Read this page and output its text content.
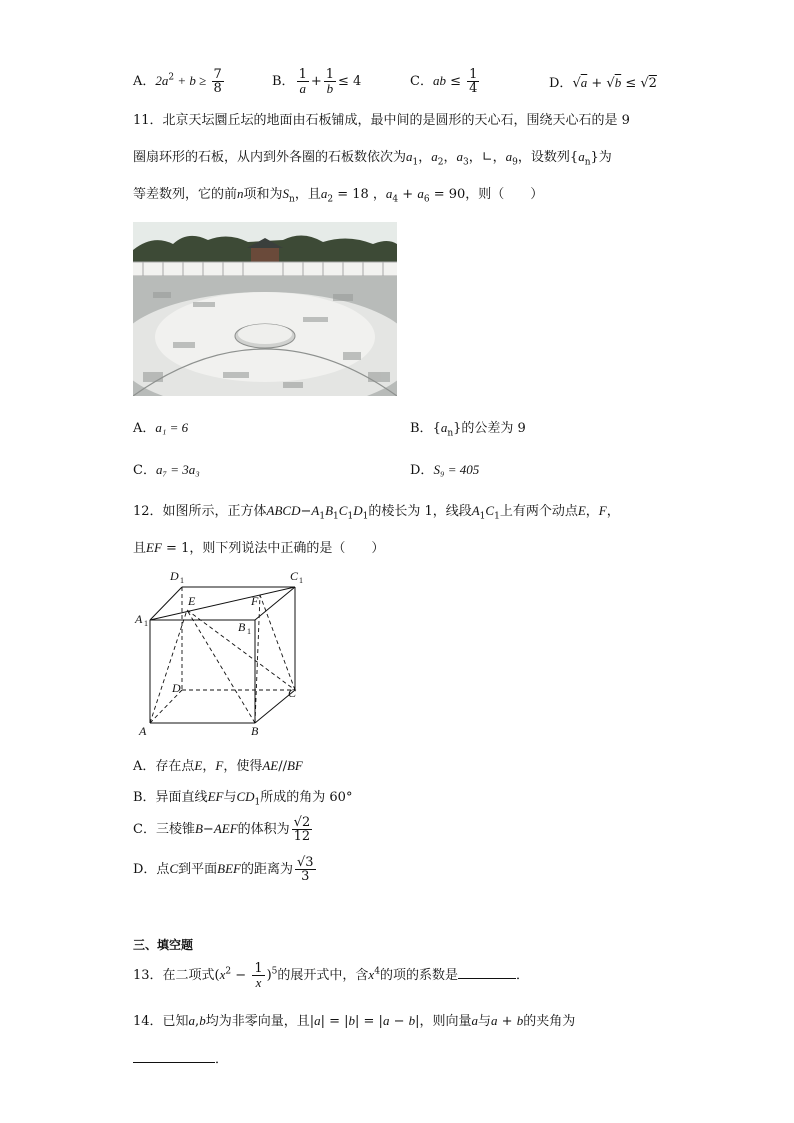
A．$2a^2 + b \ge \frac{7}{8}$	B． $\frac{1}{a} + \frac{1}{b} \le 4$	C．ab ≤ $\frac{1}{4}$	D．√a + √b ≤ √2
11．北京天坛圜丘坛的地面由石板铺成，最中间的是圆形的天心石，围绕天心石的是 9
圈扇环形的石板，从内到外各圈的石板数依次为$a_1$，$a_2$，$a_3$，∟，$a_9$，设数列$\{a_n\}$为
等差数列，它的前n项和为$S_n$，且$a_2 = 18$ ，$a_4 + a_6 = 90$，则（　　）
A．a₁ = 6	B．$\{a_n\}$的公差为 9
C．a₇ = 3a₃	D．S₉ = 405
12．如图所示，正方体$ABCD-A_1B_1C_1D_1$的棱长为 1，线段$A_1C_1$上有两个动点E，F，
且EF = 1，则下列说法中正确的是（　　）
D 1	C 1
A 1	B 1
E	F
D	C
A	B
A．存在点E，F，使得AE//BF
B．异面直线EF与$CD_1$所成的角为 60°
C．三棱锥B−AEF的体积为 $\frac{√2}{12}$
D．点C到平面BEF的距离为 $\frac{√3}{3}$
三、填空题
13．在二项式$(x^2 - \frac{1}{x} )^5$的展开式中，含$x^4$的项的系数是	．
14．已知a,b均为非零向量，且|a| = |b| = |a − b|，则向量a与a + b的夹角为
．
